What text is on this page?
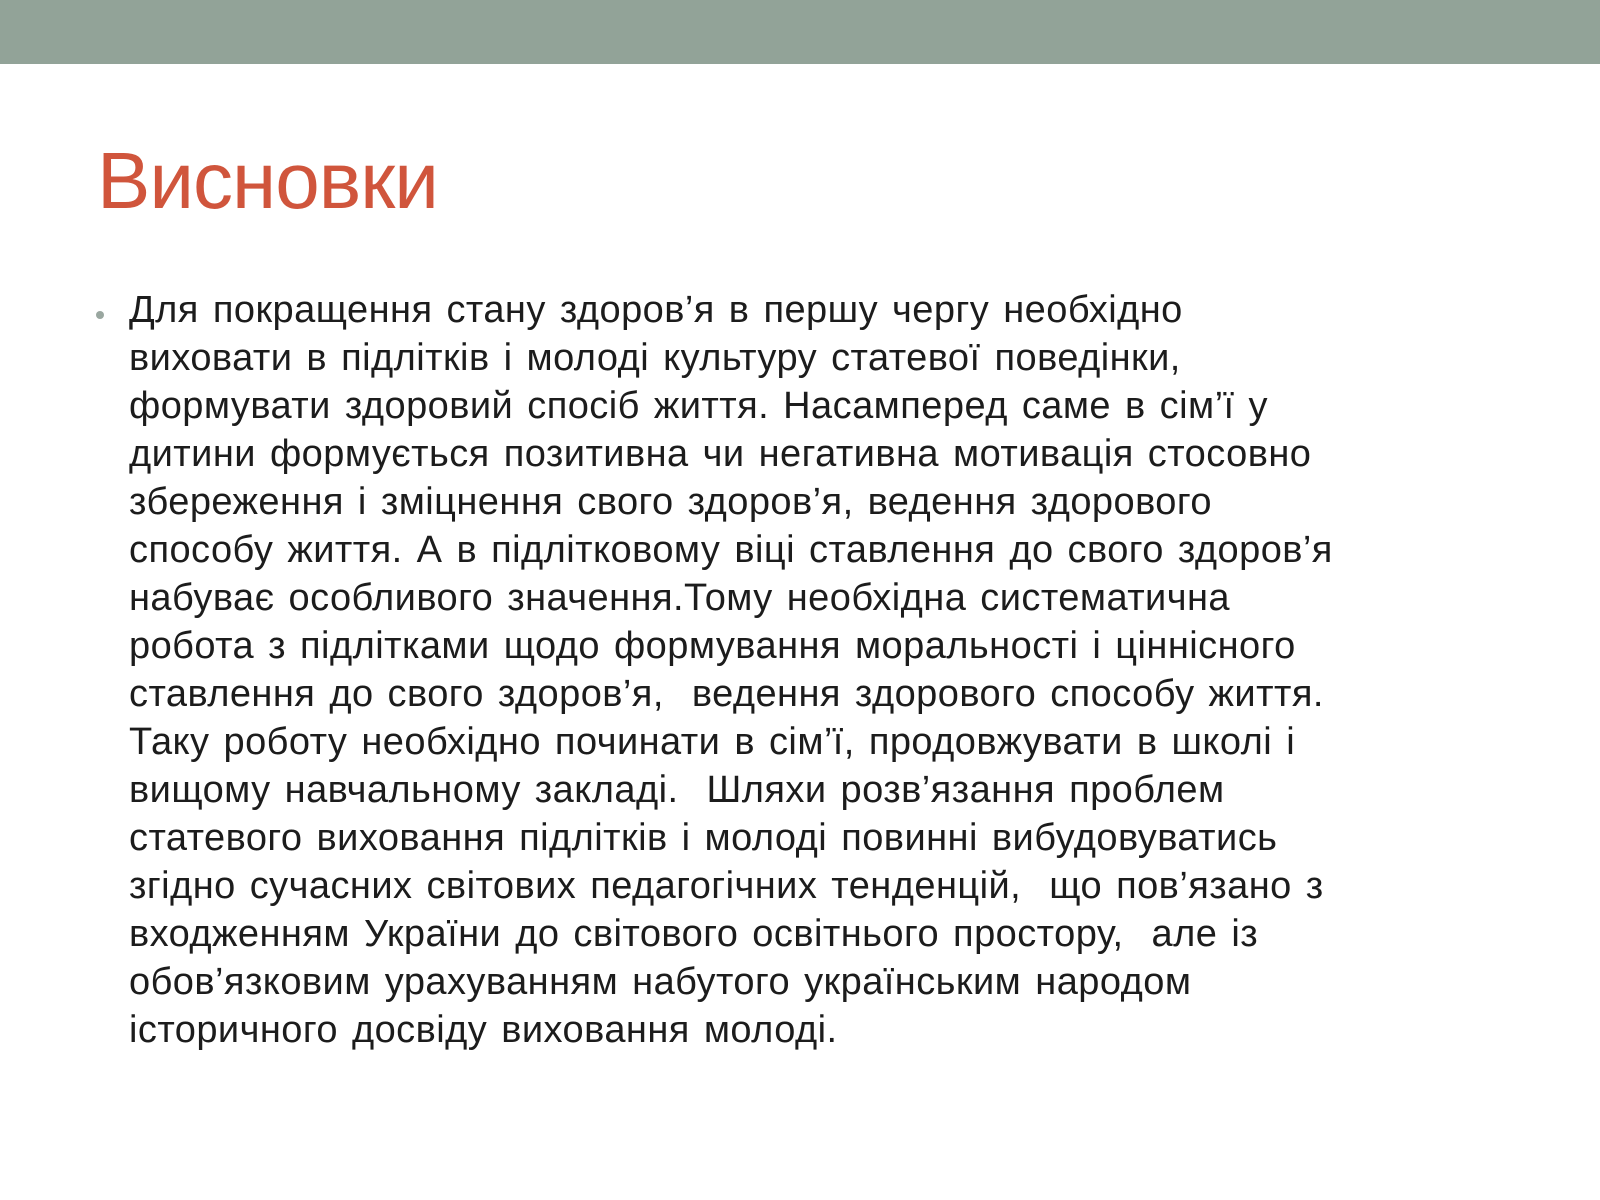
Висновки
Для покращення стану здоров’я в першу чергу необхідно
виховати в підлітків і молоді культуру статевої поведінки,
формувати здоровий спосіб життя. Насамперед саме в сім’ї у
дитини формується позитивна чи негативна мотивація стосовно
збереження і зміцнення свого здоров’я, ведення здорового
способу життя. А в підлітковому віці ставлення до свого здоров’я
набуває особливого значення.Тому необхідна систематична
робота з підлітками щодо формування моральності і ціннісного
ставлення до свого здоров’я,  ведення здорового способу життя.
Таку роботу необхідно починати в сім’ї, продовжувати в школі і
вищому навчальному закладі.  Шляхи розв’язання проблем
статевого виховання підлітків і молоді повинні вибудовуватись
згідно сучасних світових педагогічних тенденцій,  що пов’язано з
входженням України до світового освітнього простору,  але із
обов’язковим урахуванням набутого українським народом
історичного досвіду виховання молоді.
